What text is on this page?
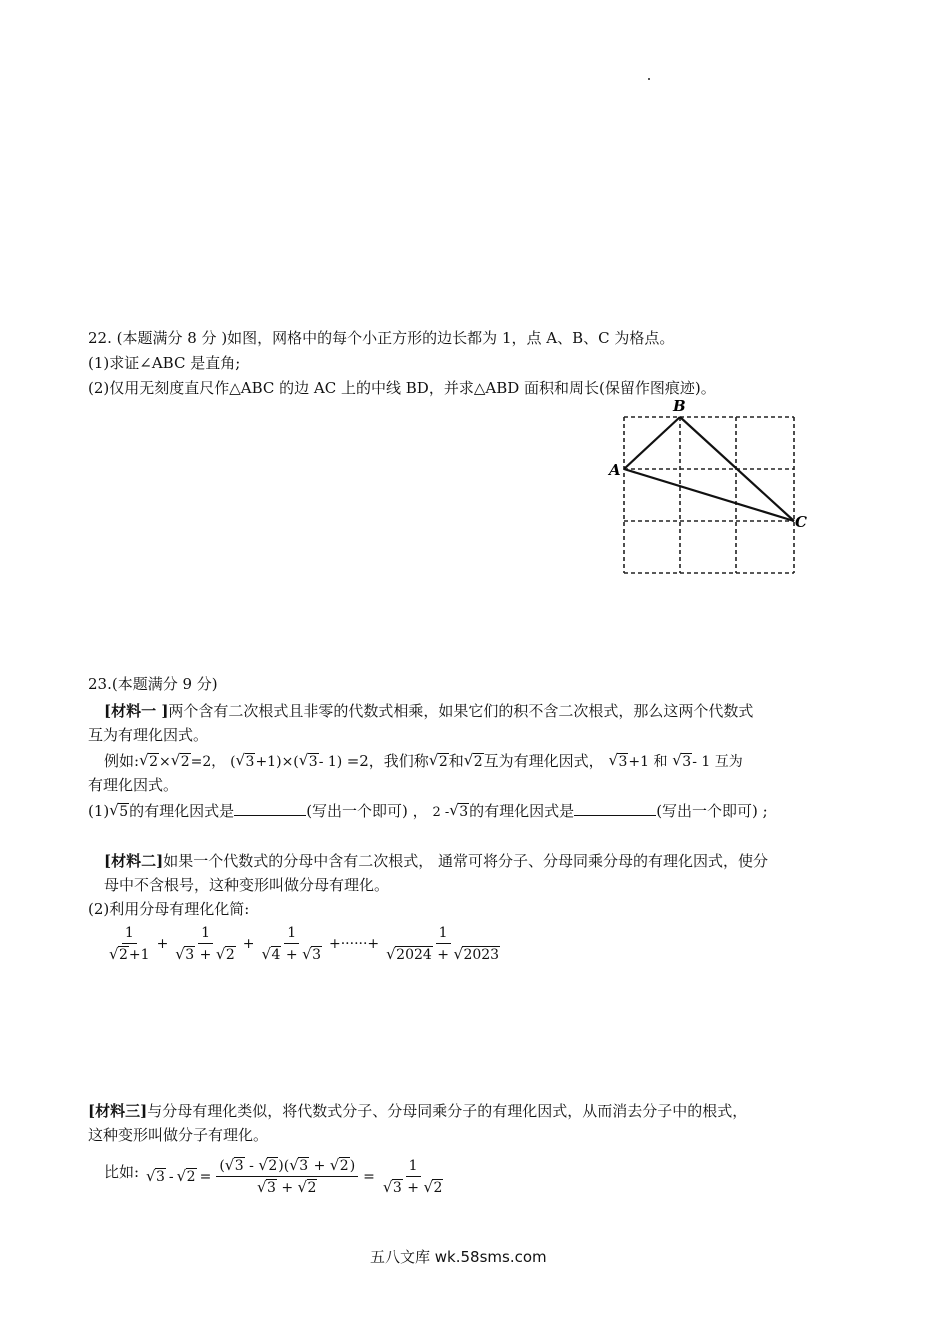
22. (本题满分 8 分 )如图，网格中的每个小正方形的边长都为 1，点 A、B、C 为格点。
(1)求证∠ABC 是直角;
(2)仅用无刻度直尺作△ABC 的边 AC 上的中线 BD，并求△ABD 面积和周长(保留作图痕迹)。
A
B
C
23.(本题满分 9 分)
[材料一 ]两个含有二次根式且非零的代数式相乘，如果它们的积不含二次根式，那么这两个代数式
互为有理化因式。
例如: √ 2× √ 2=2， ( √ 3+1)×( √ 3- 1) =2，我们称 √ 2和 √ 2互为有理化因式， √ 3+1 和 √ 3- 1 互为
有理化因式。
(1) √ 5的有理化因式是	(写出一个即可) ， 2 - √ 3的有理化因式是	(写出一个即可) ;
[材料二]如果一个代数式的分母中含有二次根式， 通常可将分子、分母同乘分母的有理化因式，使分
母中不含根号，这种变形叫做分母有理化。
(2)利用分母有理化化简:
1
√ 2+1 + 1
√ 3 + √ 2 + 1
√ 4 + √ 3 +······+ 1
√ 2024 + √ 2023
[材料三]与分母有理化类似，将代数式分子、分母同乘分子的有理化因式，从而消去分子中的根式，
这种变形叫做分子有理化。
比如:	√ 3 - √ 2 = ( √ 3 - √ 2)( √ 3 + √ 2)
√ 3 + √ 2 = 1
√ 3 + √ 2
五八文库 wk.58sms.com
